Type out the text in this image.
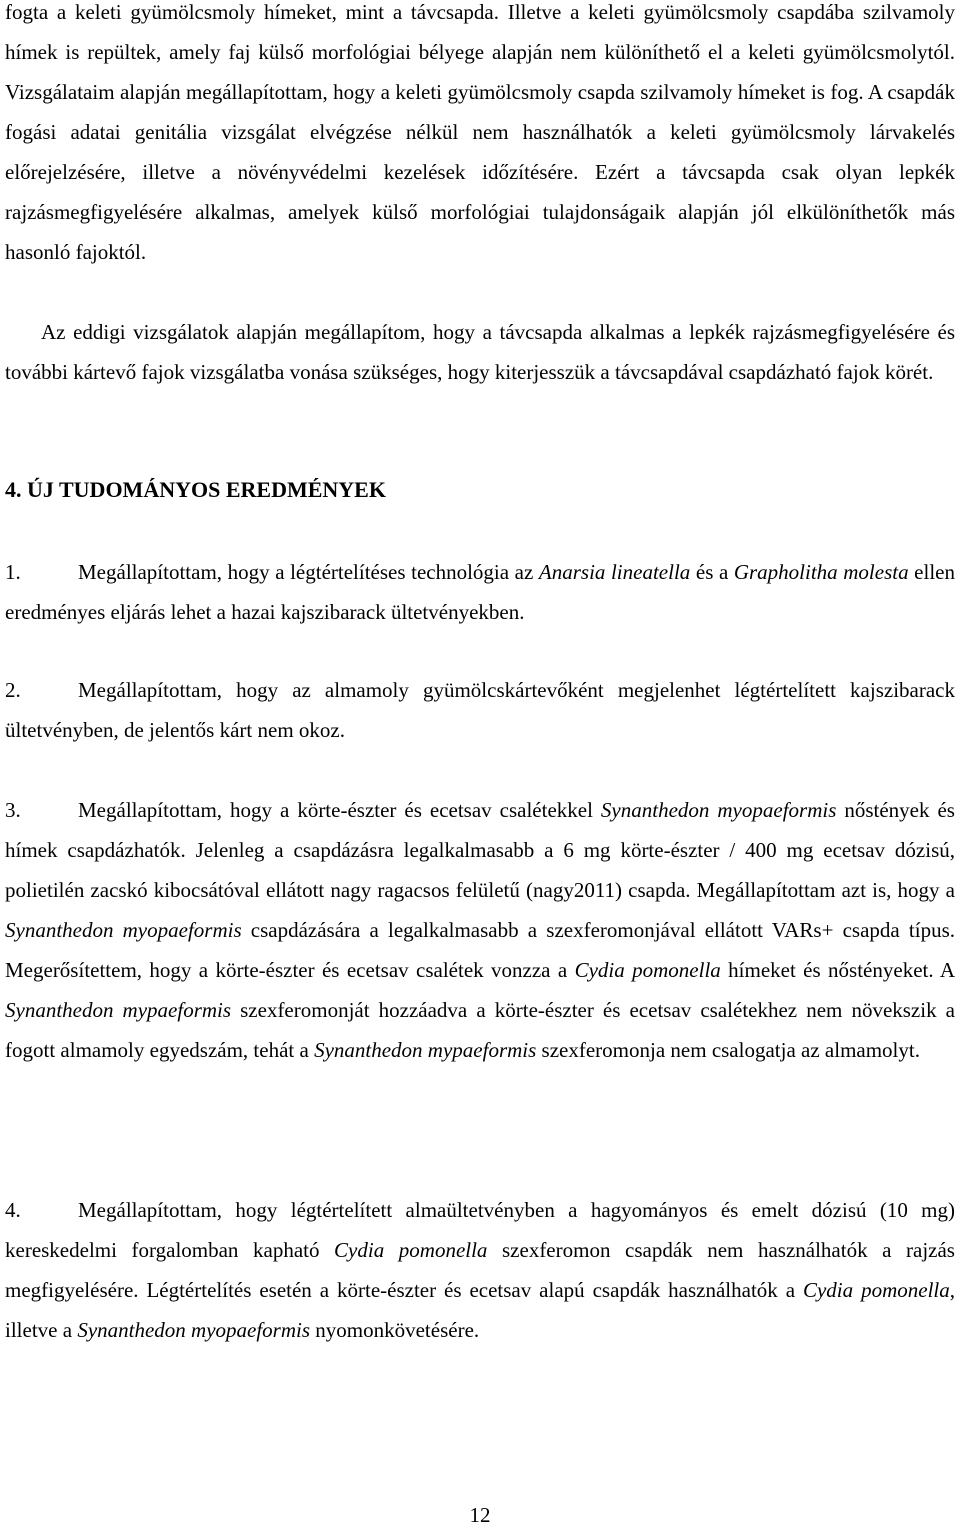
fogta a keleti gyümölcsmoly hímeket, mint a távcsapda. Illetve a keleti gyümölcsmoly csapdába szilvamoly hímek is repültek, amely faj külső morfológiai bélyege alapján nem különíthető el a keleti gyümölcsmolytól. Vizsgálataim alapján megállapítottam, hogy a keleti gyümölcsmoly csapda szilvamoly hímeket is fog. A csapdák fogási adatai genitália vizsgálat elvégzése nélkül nem használhatók a keleti gyümölcsmoly lárvakelés előrejelzésére, illetve a növényvédelmi kezelések időzítésére. Ezért a távcsapda csak olyan lepkék rajzásmegfigyelésére alkalmas, amelyek külső morfológiai tulajdonságaik alapján jól elkülöníthetők más hasonló fajoktól.

Az eddigi vizsgálatok alapján megállapítom, hogy a távcsapda alkalmas a lepkék rajzásmegfigyelésére és további kártevő fajok vizsgálatba vonása szükséges, hogy kiterjesszük a távcsapdával csapdázható fajok körét.

4. ÚJ TUDOMÁNYOS EREDMÉNYEK

1.	Megállapítottam, hogy a légtértelítéses technológia az Anarsia lineatella és a Grapholitha molesta ellen eredményes eljárás lehet a hazai kajszibarack ültetvényekben.

2.	Megállapítottam, hogy az almamoly gyümölcskártevőként megjelenhet légtértelített kajszibarack ültetvényben, de jelentős kárt nem okoz.

3.	Megállapítottam, hogy a körte-észter és ecetsav csalétekkel Synanthedon myopaeformis nőstények és hímek csapdázhatók. Jelenleg a csapdázásra legalkalmasabb a 6 mg körte-észter / 400 mg ecetsav dózisú, polietilén zacskó kibocsátóval ellátott nagy ragacsos felületű (nagy2011) csapda. Megállapítottam azt is, hogy a Synanthedon myopaeformis csapdázására a legalkalmasabb a szexferomonjával ellátott VARs+ csapda típus. Megerősítettem, hogy a körte-észter és ecetsav csalétek vonzza a Cydia pomonella hímeket és nőstényeket. A Synanthedon mypaeformis szexferomonját hozzáadva a körte-észter és ecetsav csalétekhez nem növekszik a fogott almamoly egyedszám, tehát a Synanthedon mypaeformis szexferomonja nem csalogatja az almamolyt.

4.	Megállapítottam, hogy légtértelített almaültetvényben a hagyományos és emelt dózisú (10 mg) kereskedelmi forgalomban kapható Cydia pomonella szexferomon csapdák nem használhatók a rajzás megfigyelésére. Légtértelítés esetén a körte-észter és ecetsav alapú csapdák használhatók a Cydia pomonella, illetve a Synanthedon myopaeformis nyomonkövetésére.

12
